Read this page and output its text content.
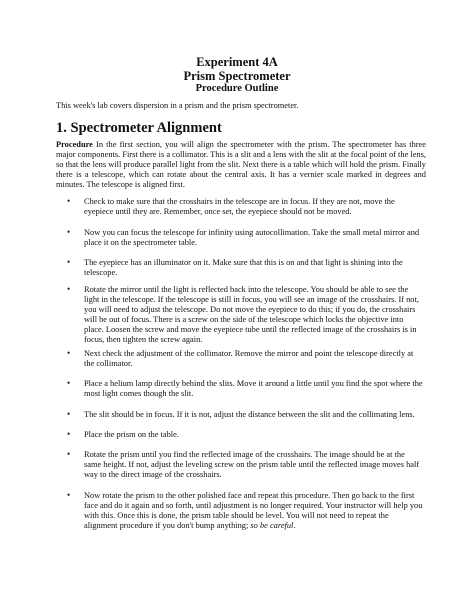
Experiment 4A
Prism Spectrometer
Procedure Outline
This week's lab covers dispersion in a prism and the prism spectrometer.
1. Spectrometer Alignment
Procedure In the first section, you will align the spectrometer with the prism. The spectrometer has three major components. First there is a collimator. This is a slit and a lens with the slit at the focal point of the lens, so that the lens will produce parallel light from the slit. Next there is a table which will hold the prism. Finally there is a telescope, which can rotate about the central axis. It has a vernier scale marked in degrees and minutes. The telescope is aligned first.
• Check to make sure that the crosshairs in the telescope are in focus. If they are not, move the eyepiece until they are. Remember, once set, the eyepiece should not be moved.
• Now you can focus the telescope for infinity using autocollimation. Take the small metal mirror and place it on the spectrometer table.
• The eyepiece has an illuminator on it. Make sure that this is on and that light is shining into the telescope.
• Rotate the mirror until the light is reflected back into the telescope. You should be able to see the light in the telescope. If the telescope is still in focus, you will see an image of the crosshairs. If not, you will need to adjust the telescope. Do not move the eyepiece to do this; if you do, the crosshairs will be out of focus. There is a screw on the side of the telescope which locks the objective into place. Loosen the screw and move the eyepiece tube until the reflected image of the crosshairs is in focus, then tighten the screw again.
• Next check the adjustment of the collimator. Remove the mirror and point the telescope directly at the collimator.
• Place a helium lamp directly behind the slits. Move it around a little until you find the spot where the most light comes though the slit.
• The slit should be in focus. If it is not, adjust the distance between the slit and the collimating lens.
• Place the prism on the table.
• Rotate the prism until you find the reflected image of the crosshairs. The image should be at the same height. If not, adjust the leveling screw on the prism table until the reflected image moves half way to the direct image of the crosshairs.
• Now rotate the prism to the other polished face and repeat this procedure. Then go back to the first face and do it again and so forth, until adjustment is no longer required. Your instructor will help you with this. Once this is done, the prism table should be level. You will not need to repeat the alignment procedure if you don't bump anything; so be careful.
